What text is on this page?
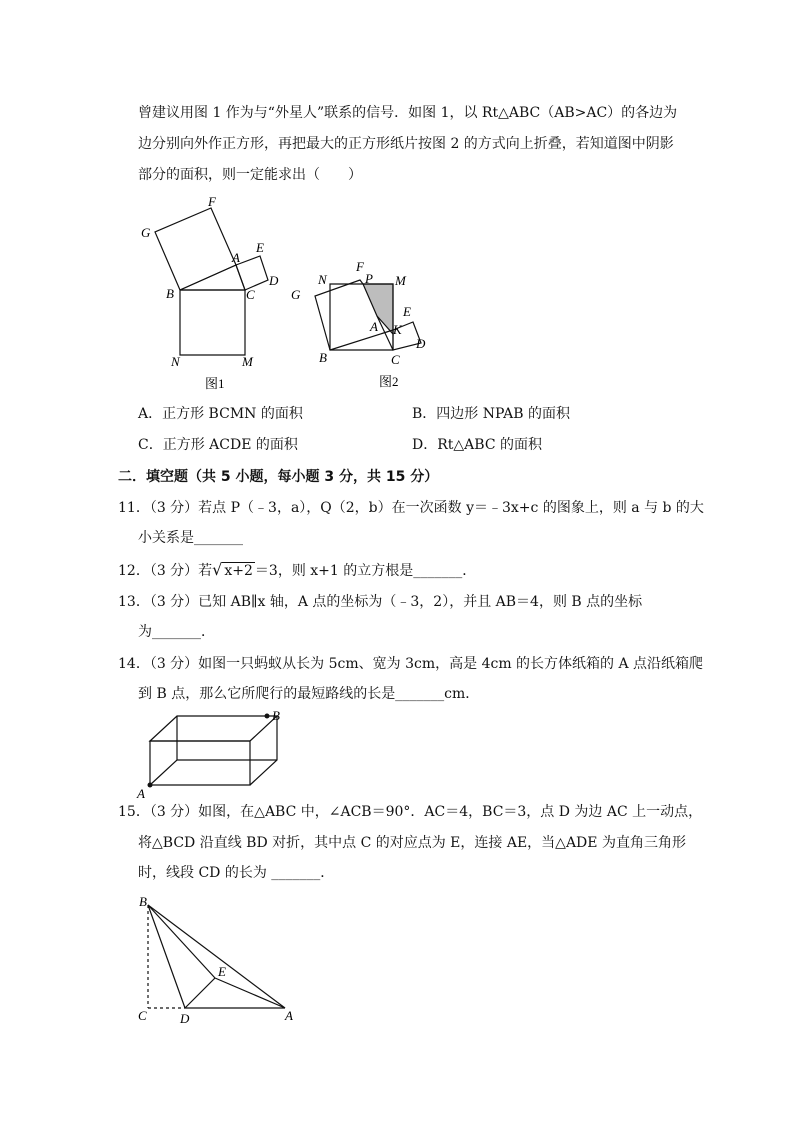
曾建议用图 1 作为与“外星人”联系的信号．如图 1，以 Rt△ABC（AB>AC）的各边为
边分别向外作正方形，再把最大的正方形纸片按图 2 的方式向上折叠，若知道图中阴影
部分的面积，则一定能求出（　　）
G
F
A
E
D
B	C
N	M
图1
G
N
F
P M
E
A K
D
B	C
图2
A．正方形 BCMN 的面积	B．四边形 NPAB 的面积
C．正方形 ACDE 的面积	D．Rt△ABC 的面积
二．填空题（共 5 小题，每小题 3 分，共 15 分）
11．（3 分）若点 P（﹣3，a），Q（2，b）在一次函数 y＝﹣3x+c 的图象上，则 a 与 b 的大
小关系是_______
12．（3 分）若√ x+2 ＝3，则 x+1 的立方根是_______．
13．（3 分）已知 AB∥x 轴，A 点的坐标为（﹣3，2），并且 AB＝4，则 B 点的坐标
为_______．
14．（3 分）如图一只蚂蚁从长为 5cm、宽为 3cm，高是 4cm 的长方体纸箱的 A 点沿纸箱爬
到 B 点，那么它所爬行的最短路线的长是_______cm．
A
B
15．（3 分）如图，在△ABC 中，∠ACB＝90°．AC＝4，BC＝3，点 D 为边 AC 上一动点，
将△BCD 沿直线 BD 对折，其中点 C 的对应点为 E，连接 AE，当△ADE 为直角三角形
时，线段 CD 的长为 _______．
B
E
C	D	A
